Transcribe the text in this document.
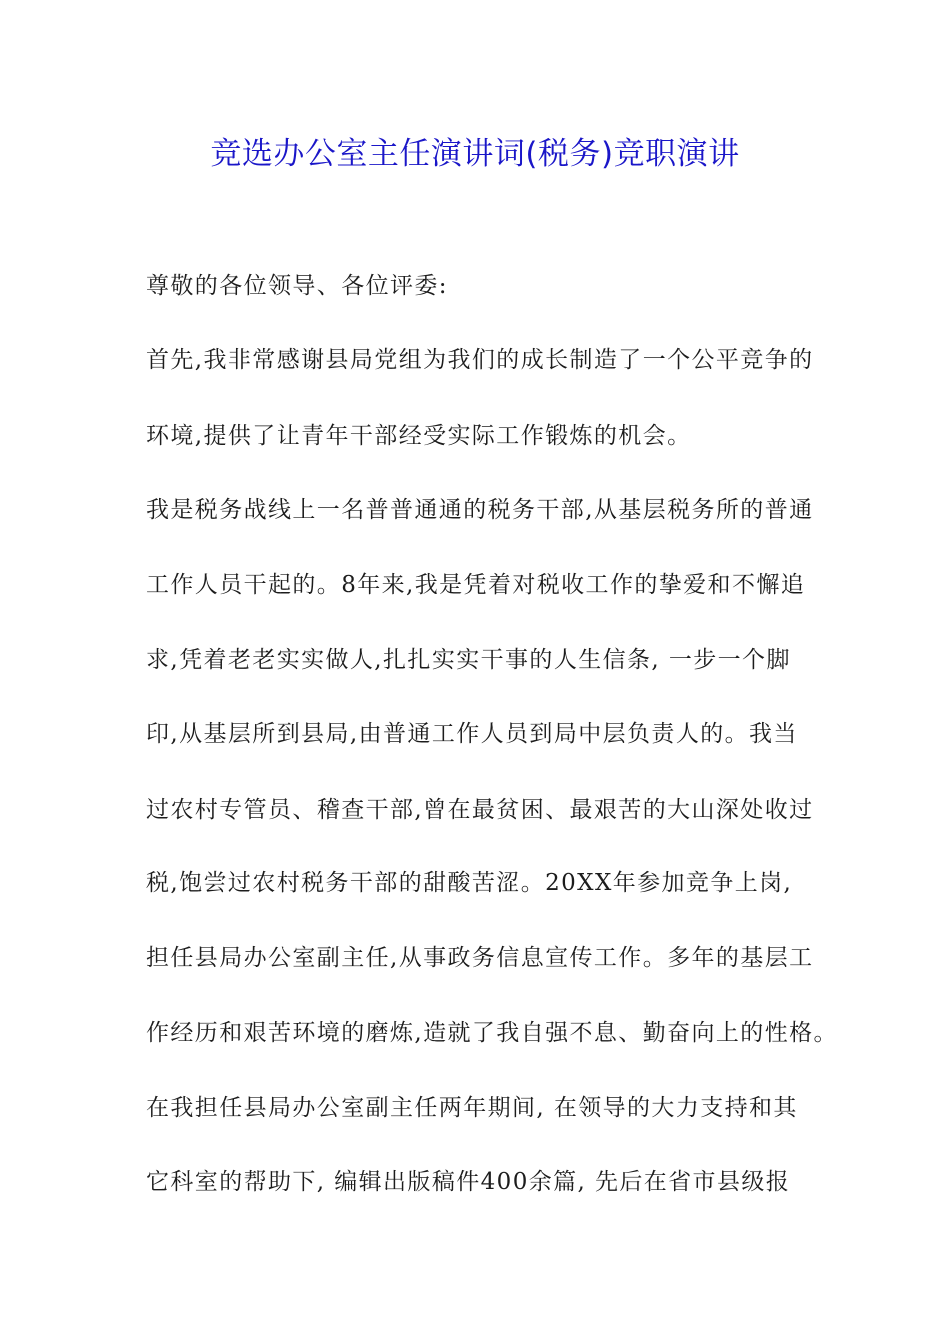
竞选办公室主任演讲词(税务)竞职演讲
尊敬的各位领导、各位评委:
首先,我非常感谢县局党组为我们的成长制造了一个公平竞争的
环境,提供了让青年干部经受实际工作锻炼的机会。
我是税务战线上一名普普通通的税务干部,从基层税务所的普通
工作人员干起的。8年来,我是凭着对税收工作的挚爱和不懈追
求,凭着老老实实做人,扎扎实实干事的人生信条, 一步一个脚
印,从基层所到县局,由普通工作人员到局中层负责人的。我当
过农村专管员、稽查干部,曾在最贫困、最艰苦的大山深处收过
税,饱尝过农村税务干部的甜酸苦涩。20XX年参加竞争上岗,
担任县局办公室副主任,从事政务信息宣传工作。多年的基层工
作经历和艰苦环境的磨炼,造就了我自强不息、勤奋向上的性格。
在我担任县局办公室副主任两年期间, 在领导的大力支持和其
它科室的帮助下, 编辑出版稿件400余篇, 先后在省市县级报
